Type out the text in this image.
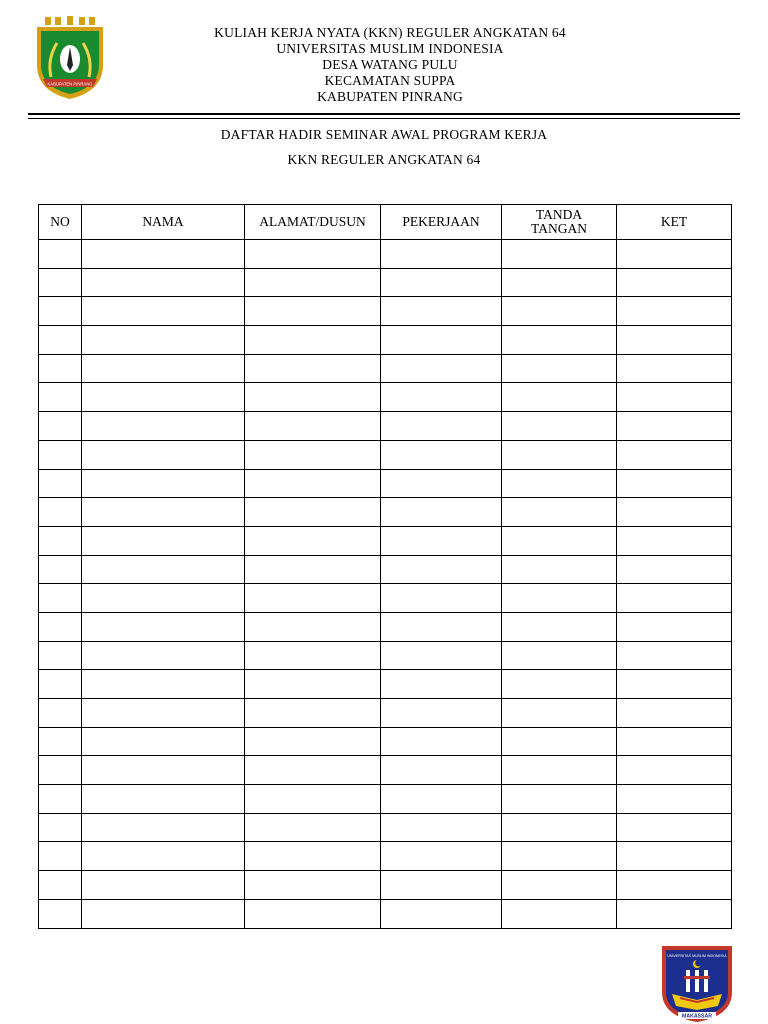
KABUPATEN PINRANG
KULIAH KERJA NYATA (KKN) REGULER ANGKATAN 64
UNIVERSITAS MUSLIM INDONESIA
DESA WATANG PULU
KECAMATAN SUPPA
KABUPATEN PINRANG
DAFTAR HADIR SEMINAR AWAL PROGRAM KERJA
KKN REGULER ANGKATAN 64
NO	NAMA	ALAMAT/DUSUN	PEKERJAAN	TANDA TANGAN	KET

UNIVERSITAS MUSLIM INDONESIA
MAKASSAR
